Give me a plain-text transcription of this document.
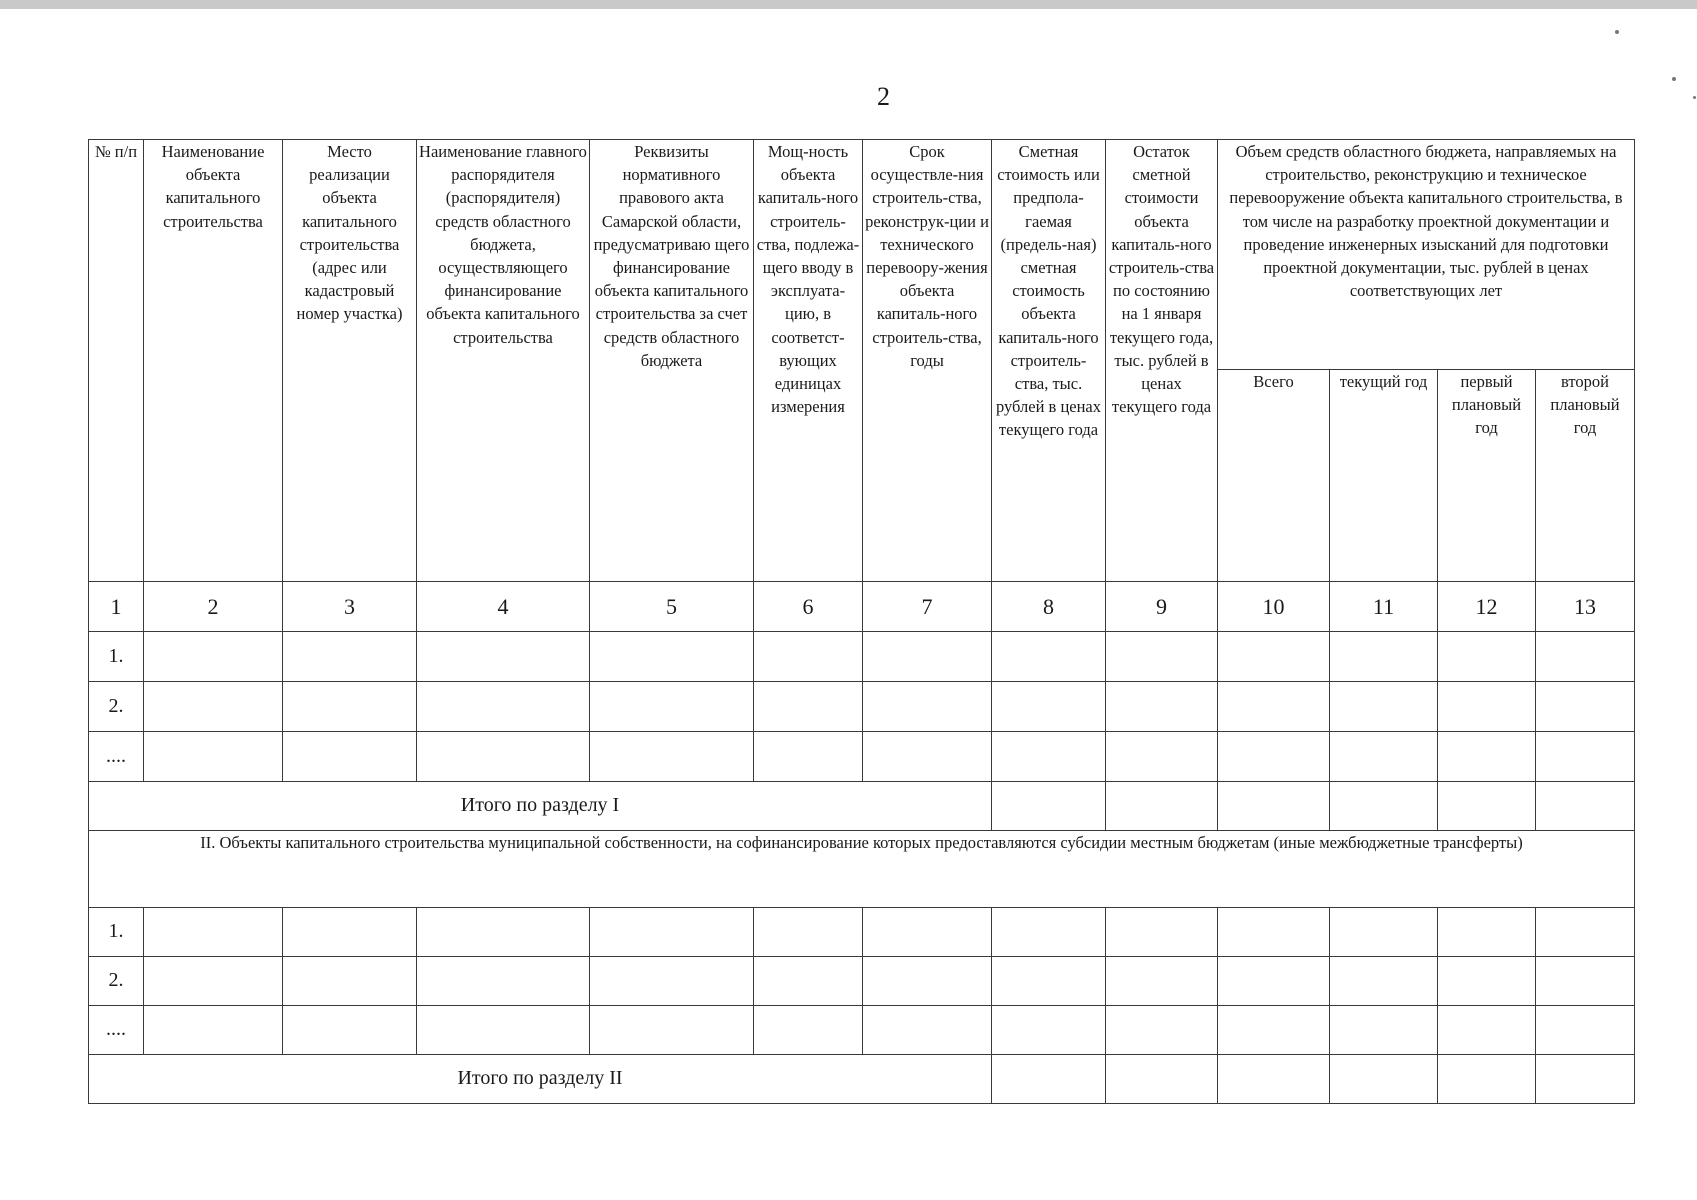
2
№ п/п	Наименование объекта капитального строительства	Место реализации объекта капитального строительства (адрес или кадастровый номер участка)	Наименование главного распорядителя (распорядителя) средств областного бюджета, осуществляющего финансирование объекта капитального строительства	Реквизиты нормативного правового акта Самарской области, предусматриваю щего финансирование объекта капитального строительства за счет средств областного бюджета	Мощ-ность объекта капиталь-ного строитель-ства, подлежа-щего вводу в эксплуата-цию, в соответст-вующих единицах измерения	Срок осуществле-ния строитель-ства, реконструк-ции и технического перевоору-жения объекта капиталь-ного строитель-ства, годы	Сметная стоимость или предпола-гаемая (предель-ная) сметная стоимость объекта капиталь-ного строитель-ства, тыс. рублей в ценах текущего года	Остаток сметной стоимости объекта капиталь-ного строитель-ства по состоянию на 1 января текущего года, тыс. рублей в ценах текущего года	Объем средств областного бюджета, направляемых на строительство, реконструкцию и техническое перевооружение объекта капитального строительства, в том числе на разработку проектной документации и проведение инженерных изысканий для подготовки проектной документации, тыс. рублей в ценах соответствующих лет			
									Всего	текущий год	первый плановый год	второй плановый год
1	2	3	4	5	6	7	8	9	10	11	12	13
1.												
2.												
....												
Итого по разделу I												
II. Объекты капитального строительства муниципальной собственности, на софинансирование которых предоставляются субсидии местным бюджетам (иные межбюджетные трансферты)												
1.												
2.												
....												
Итого по разделу II												
